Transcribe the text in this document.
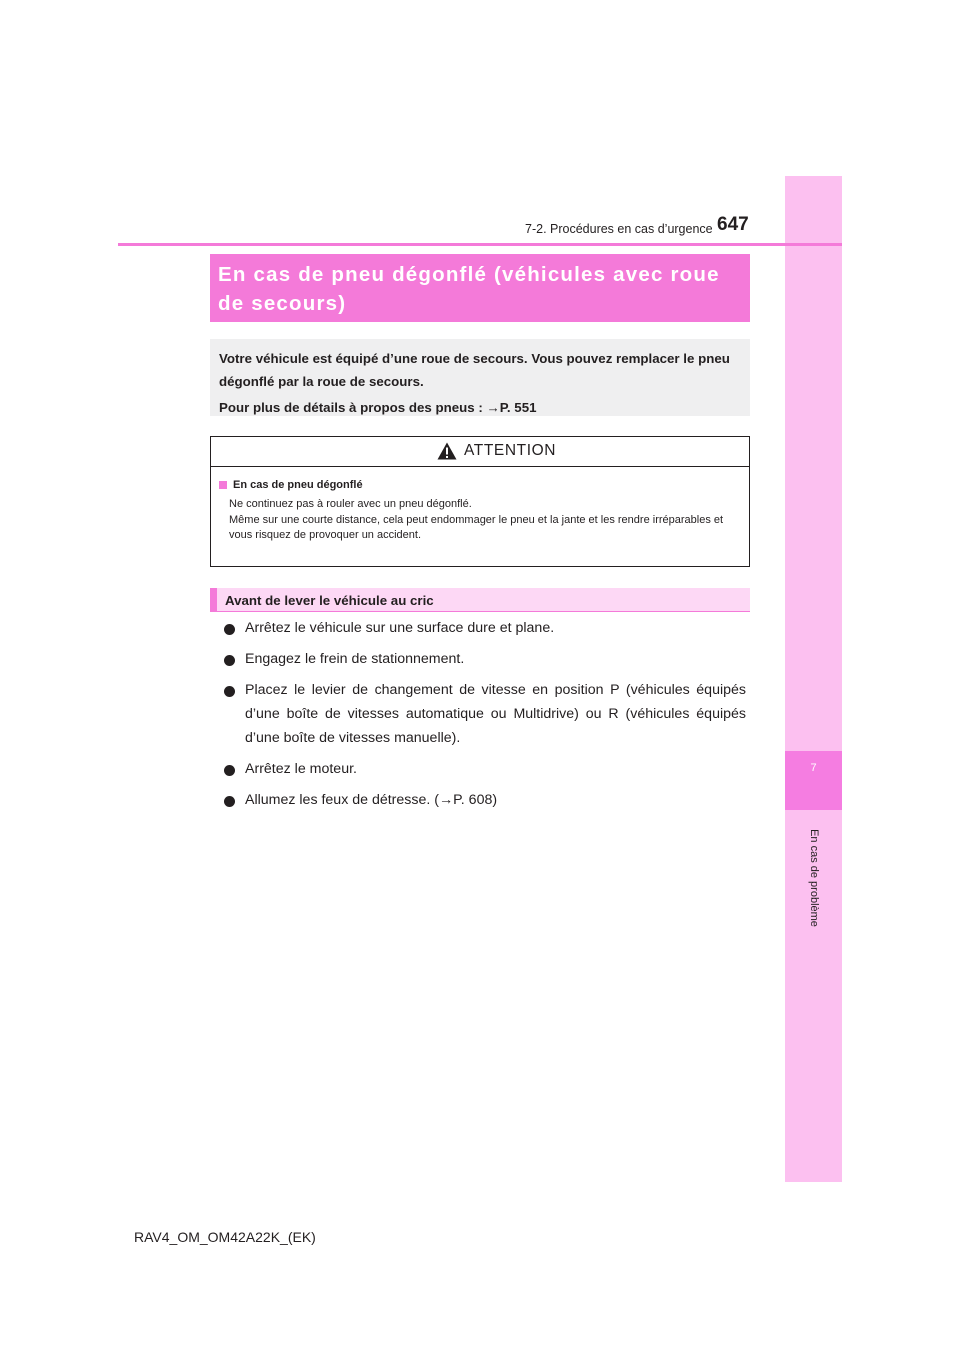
7
En cas de problème
7-2. Procédures en cas d’urgence 647
En cas de pneu dégonflé (véhicules avec roue de secours)

Votre véhicule est équipé d’une roue de secours. Vous pouvez remplacer le pneu dégonflé par la roue de secours.

Pour plus de détails à propos des pneus : →P. 551

ATTENTION
En cas de pneu dégonflé
Ne continuez pas à rouler avec un pneu dégonflé.
Même sur une courte distance, cela peut endommager le pneu et la jante et les rendre irréparables et vous risquez de provoquer un accident.
Avant de lever le véhicule au cric
Arrêtez le véhicule sur une surface dure et plane.
Engagez le frein de stationnement.
Placez le levier de changement de vitesse en position P (véhicules équipés d’une boîte de vitesses automatique ou Multidrive) ou R (véhicules équipés d’une boîte de vitesses manuelle).
Arrêtez le moteur.
Allumez les feux de détresse. (→P. 608)
RAV4_OM_OM42A22K_(EK)
